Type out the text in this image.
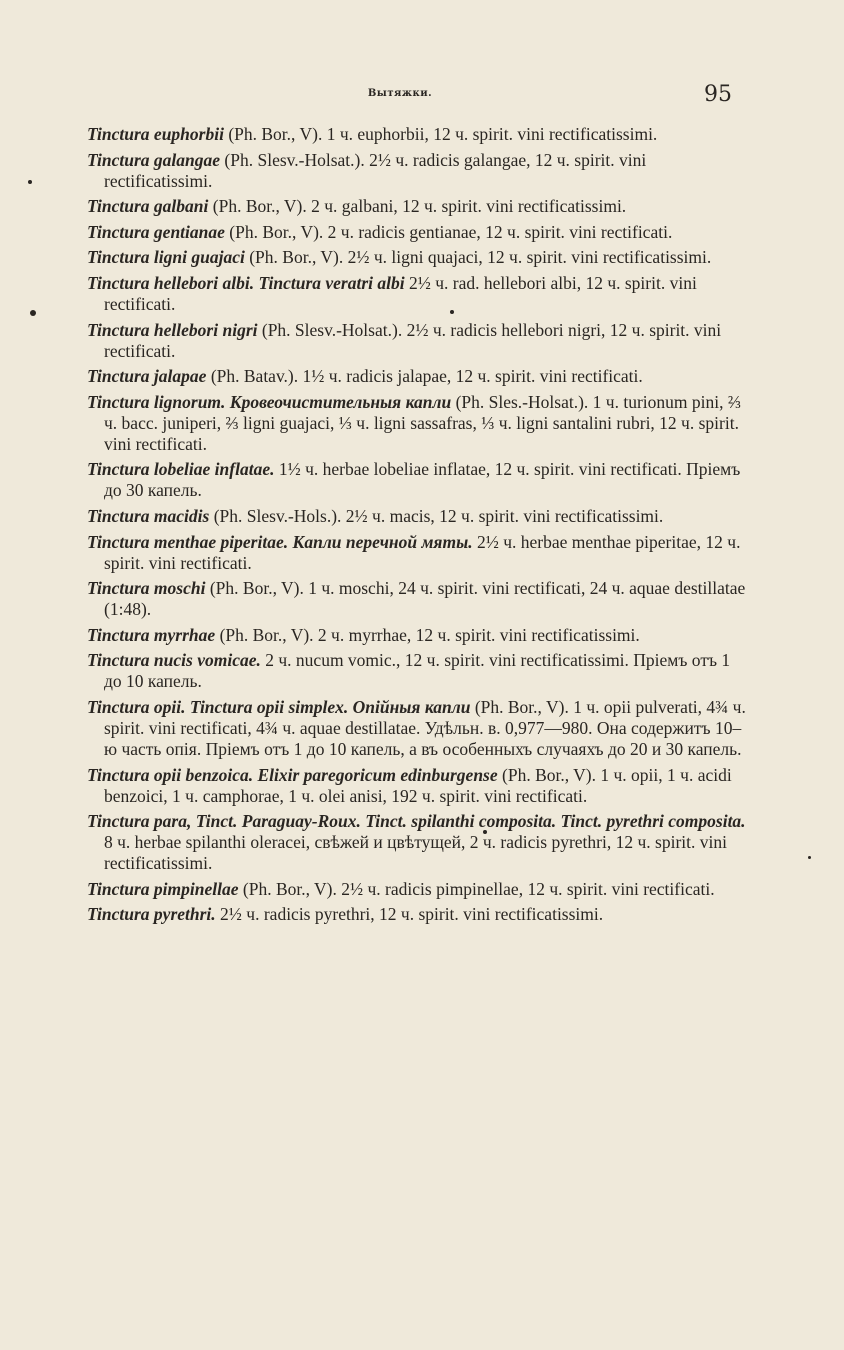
Вытяжки.	95

Tinctura euphorbii (Ph. Bor., V). 1 ч. euphorbii, 12 ч. spirit. vini rectificatissimi.

Tinctura galangae (Ph. Slesv.-Holsat.). 2½ ч. radicis galangae, 12 ч. spirit. vini rectificatissimi.

Tinctura galbani (Ph. Bor., V). 2 ч. galbani, 12 ч. spirit. vini rectificatissimi.

Tinctura gentianae (Ph. Bor., V). 2 ч. radicis gentianae, 12 ч. spirit. vini rectificati.

Tinctura ligni guajaci (Ph. Bor., V). 2½ ч. ligni quajaci, 12 ч. spirit. vini rectificatissimi.

Tinctura hellebori albi. Tinctura veratri albi 2½ ч. rad. hellebori albi, 12 ч. spirit. vini rectificati.

Tinctura hellebori nigri (Ph. Slesv.-Holsat.). 2½ ч. radicis hellebori nigri, 12 ч. spirit. vini rectificati.

Tinctura jalapae (Ph. Batav.). 1½ ч. radicis jalapae, 12 ч. spirit. vini rectificati.

Tinctura lignorum. Кровеочистительныя капли (Ph. Sles.-Holsat.). 1 ч. turionum pini, ⅔ ч. bacc. juniperi, ⅔ ligni guajaci, ⅓ ч. ligni sassafras, ⅓ ч. ligni santalini rubri, 12 ч. spirit. vini rectificati.

Tinctura lobeliae inflatae. 1½ ч. herbae lobeliae inflatae, 12 ч. spirit. vini rectificati. Пріемъ до 30 капель.

Tinctura macidis (Ph. Slesv.-Hols.). 2½ ч. macis, 12 ч. spirit. vini rectificatissimi.

Tinctura menthae piperitae. Капли перечной мяты. 2½ ч. herbae menthae piperitae, 12 ч. spirit. vini rectificati.

Tinctura moschi (Ph. Bor., V). 1 ч. moschi, 24 ч. spirit. vini rectificati, 24 ч. aquae destillatae (1:48).

Tinctura myrrhae (Ph. Bor., V). 2 ч. myrrhae, 12 ч. spirit. vini rectificatissimi.

Tinctura nucis vomicae. 2 ч. nucum vomic., 12 ч. spirit. vini rectificatissimi. Пріемъ отъ 1 до 10 капель.

Tinctura opii. Tinctura opii simplex. Опійныя капли (Ph. Bor., V). 1 ч. opii pulverati, 4¾ ч. spirit. vini rectificati, 4¾ ч. aquae destillatae. Удѣльн. в. 0,977—980. Она содержитъ 10–ю часть опія. Пріемъ отъ 1 до 10 капель, а въ особенныхъ случаяхъ до 20 и 30 капель.

Tinctura opii benzoica. Elixir paregoricum edinburgense (Ph. Bor., V). 1 ч. opii, 1 ч. acidi benzoici, 1 ч. camphorae, 1 ч. olei anisi, 192 ч. spirit. vini rectificati.

Tinctura para, Tinct. Paraguay-Roux. Tinct. spilanthi composita. Tinct. pyrethri composita. 8 ч. herbae spilanthi oleracei, свѣжей и цвѣтущей, 2 ч. radicis pyrethri, 12 ч. spirit. vini rectificatissimi.

Tinctura pimpinellae (Ph. Bor., V). 2½ ч. radicis pimpinellae, 12 ч. spirit. vini rectificati.

Tinctura pyrethri. 2½ ч. radicis pyrethri, 12 ч. spirit. vini rectificatissimi.
